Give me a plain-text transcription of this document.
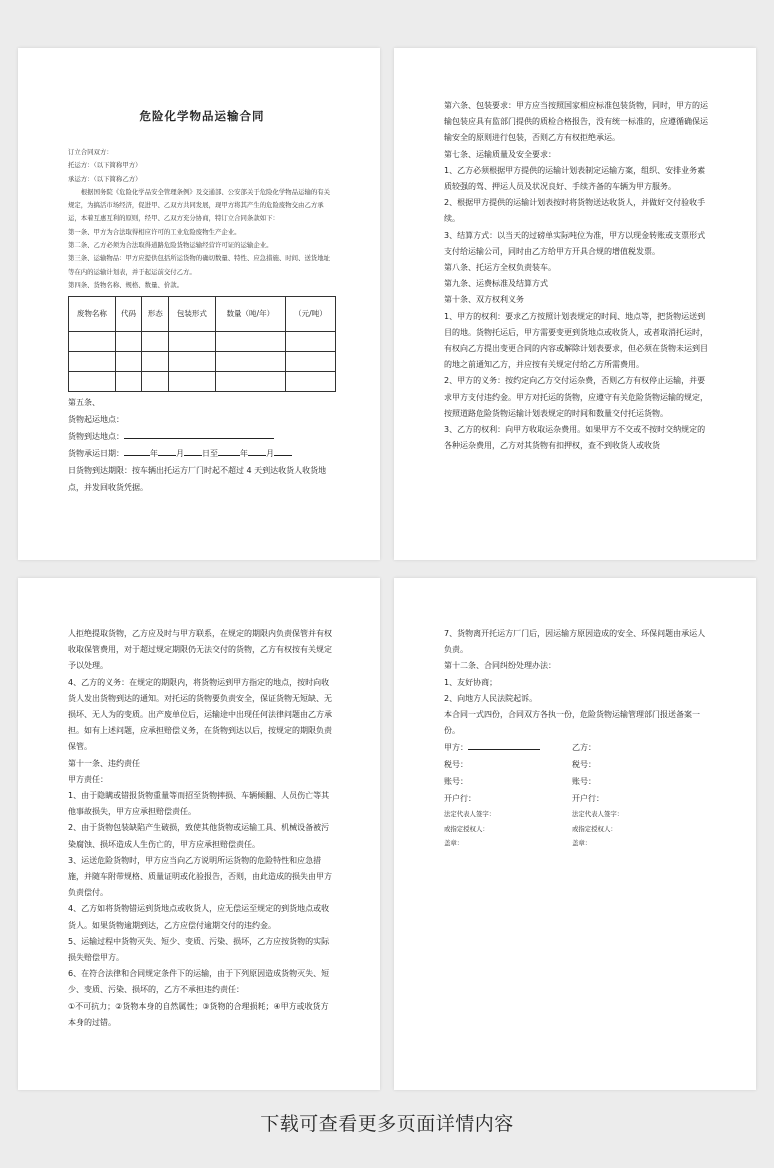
危险化学物品运输合同

订立合同双方：

托运方：（以下简称甲方）

承运方：（以下简称乙方）

根据国务院《危险化学品安全管理条例》及交通部、公安部关于危险化学物品运输的有关规定，为搞活市场经济，促进甲、乙双方共同发展，现甲方将其产生的危险废物交由乙方承运，本着互惠互利的原则，经甲、乙双方充分协商，特订立合同条款如下：

第一条、甲方为合法取得相应许可的工业危险废物生产企业。

第二条、乙方必须为合法取得道路危险货物运输经营许可证的运输企业。

第三条、运输物品：甲方应提供包括所运货物的确切数量、特性、应急措施、时间、送货地址等在内的运输计划表，并于起运前交付乙方。

第四条、货物名称、规格、数量、价款。

废物名称	代码	形态	包装形式	数量（吨/年）	（元/吨）

第五条、

货物起运地点：

货物到达地点：

货物承运日期：	年 月 日至	年 月

日货物到达期限：按车辆出托运方厂门时起不超过 4 天到达收货人收货地点，并发回收货凭据。

第六条、包装要求：甲方应当按照国家相应标准包装货物，同时，甲方的运输包装应具有监部门提供的质检合格报告，没有统一标准的，应遵循确保运输安全的原则进行包装，否则乙方有权拒绝承运。

第七条、运输质量及安全要求：

1、乙方必须根据甲方提供的运输计划表制定运输方案，组织、安排业务素质较强的驾、押运人员及状况良好、手续齐备的车辆为甲方服务。

2、根据甲方提供的运输计划表按时将货物送达收货人，并做好交付验收手续。

3、结算方式：以当天的过磅单实际吨位为准，甲方以现金转账或支票形式支付给运输公司，同时由乙方给甲方开具合规的增值税发票。

第八条、托运方全权负责装车。

第九条、运费标准及结算方式

第十条、双方权利义务

1、甲方的权利：要求乙方按照计划表规定的时间、地点等，把货物运送到目的地。货物托运后，甲方需要变更到货地点或收货人，或者取消托运时，有权向乙方提出变更合同的内容或解除计划表要求，但必须在货物未运到目的地之前通知乙方，并应按有关规定付给乙方所需费用。

2、甲方的义务：按约定向乙方交付运杂费，否则乙方有权停止运输，并要求甲方支付违约金。甲方对托运的货物，应遵守有关危险货物运输的规定，按照道路危险货物运输计划表规定的时间和数量交付托运货物。

3、乙方的权利：向甲方收取运杂费用。如果甲方不交或不按时交纳规定的各种运杂费用，乙方对其货物有扣押权，查不到收货人或收货

人拒绝提取货物，乙方应及时与甲方联系，在规定的期限内负责保管并有权收取保管费用，对于超过规定期限仍无法交付的货物，乙方有权按有关规定予以处理。

4、乙方的义务：在规定的期限内，将货物运到甲方指定的地点，按时向收货人发出货物到达的通知。对托运的货物要负责安全，保证货物无短缺、无损坏、无人为的变质。出产废单位后，运输途中出现任何法律问题由乙方承担。如有上述问题，应承担赔偿义务，在货物到达以后，按规定的期限负责保管。

第十一条、违约责任

甲方责任：

1、由于隐瞒或错报货物重量等而招至货物摔损、车辆倾翻、人员伤亡等其他事故损失，甲方应承担赔偿责任。

2、由于货物包装缺陷产生破损，致使其他货物或运输工具、机械设备被污染腐蚀、损坏造成人生伤亡的，甲方应承担赔偿责任。

3、运送危险货物时，甲方应当向乙方说明所运货物的危险特性和应急措施，并随车附带规格、质量证明或化验报告，否则，由此造成的损失由甲方负责偿付。

4、乙方如将货物错运到货地点或收货人，应无偿运至规定的到货地点或收货人。如果货物逾期到达，乙方应偿付逾期交付的违约金。

5、运输过程中货物灭失、短少、变质、污染、损坏，乙方应按货物的实际损失赔偿甲方。

6、在符合法律和合同规定条件下的运输，由于下列原因造成货物灭失、短少、变质、污染、损坏的，乙方不承担违约责任：

①不可抗力；②货物本身的自然属性；③货物的合理损耗；④甲方或收货方本身的过错。

7、货物离开托运方厂门后，因运输方原因造成的安全、环保问题由承运人负责。

第十二条、合同纠纷处理办法：

1、友好协商；

2、向地方人民法院起诉。

本合同一式四份，合同双方各执一份，危险货物运输管理部门报送备案一份。

甲方：	乙方：
税号：	税号：
账号：	账号：
开户行：	开户行：
法定代表人签字：	法定代表人签字：
或指定授权人：	或指定授权人：
盖章：	盖章：
下载可查看更多页面详情内容
